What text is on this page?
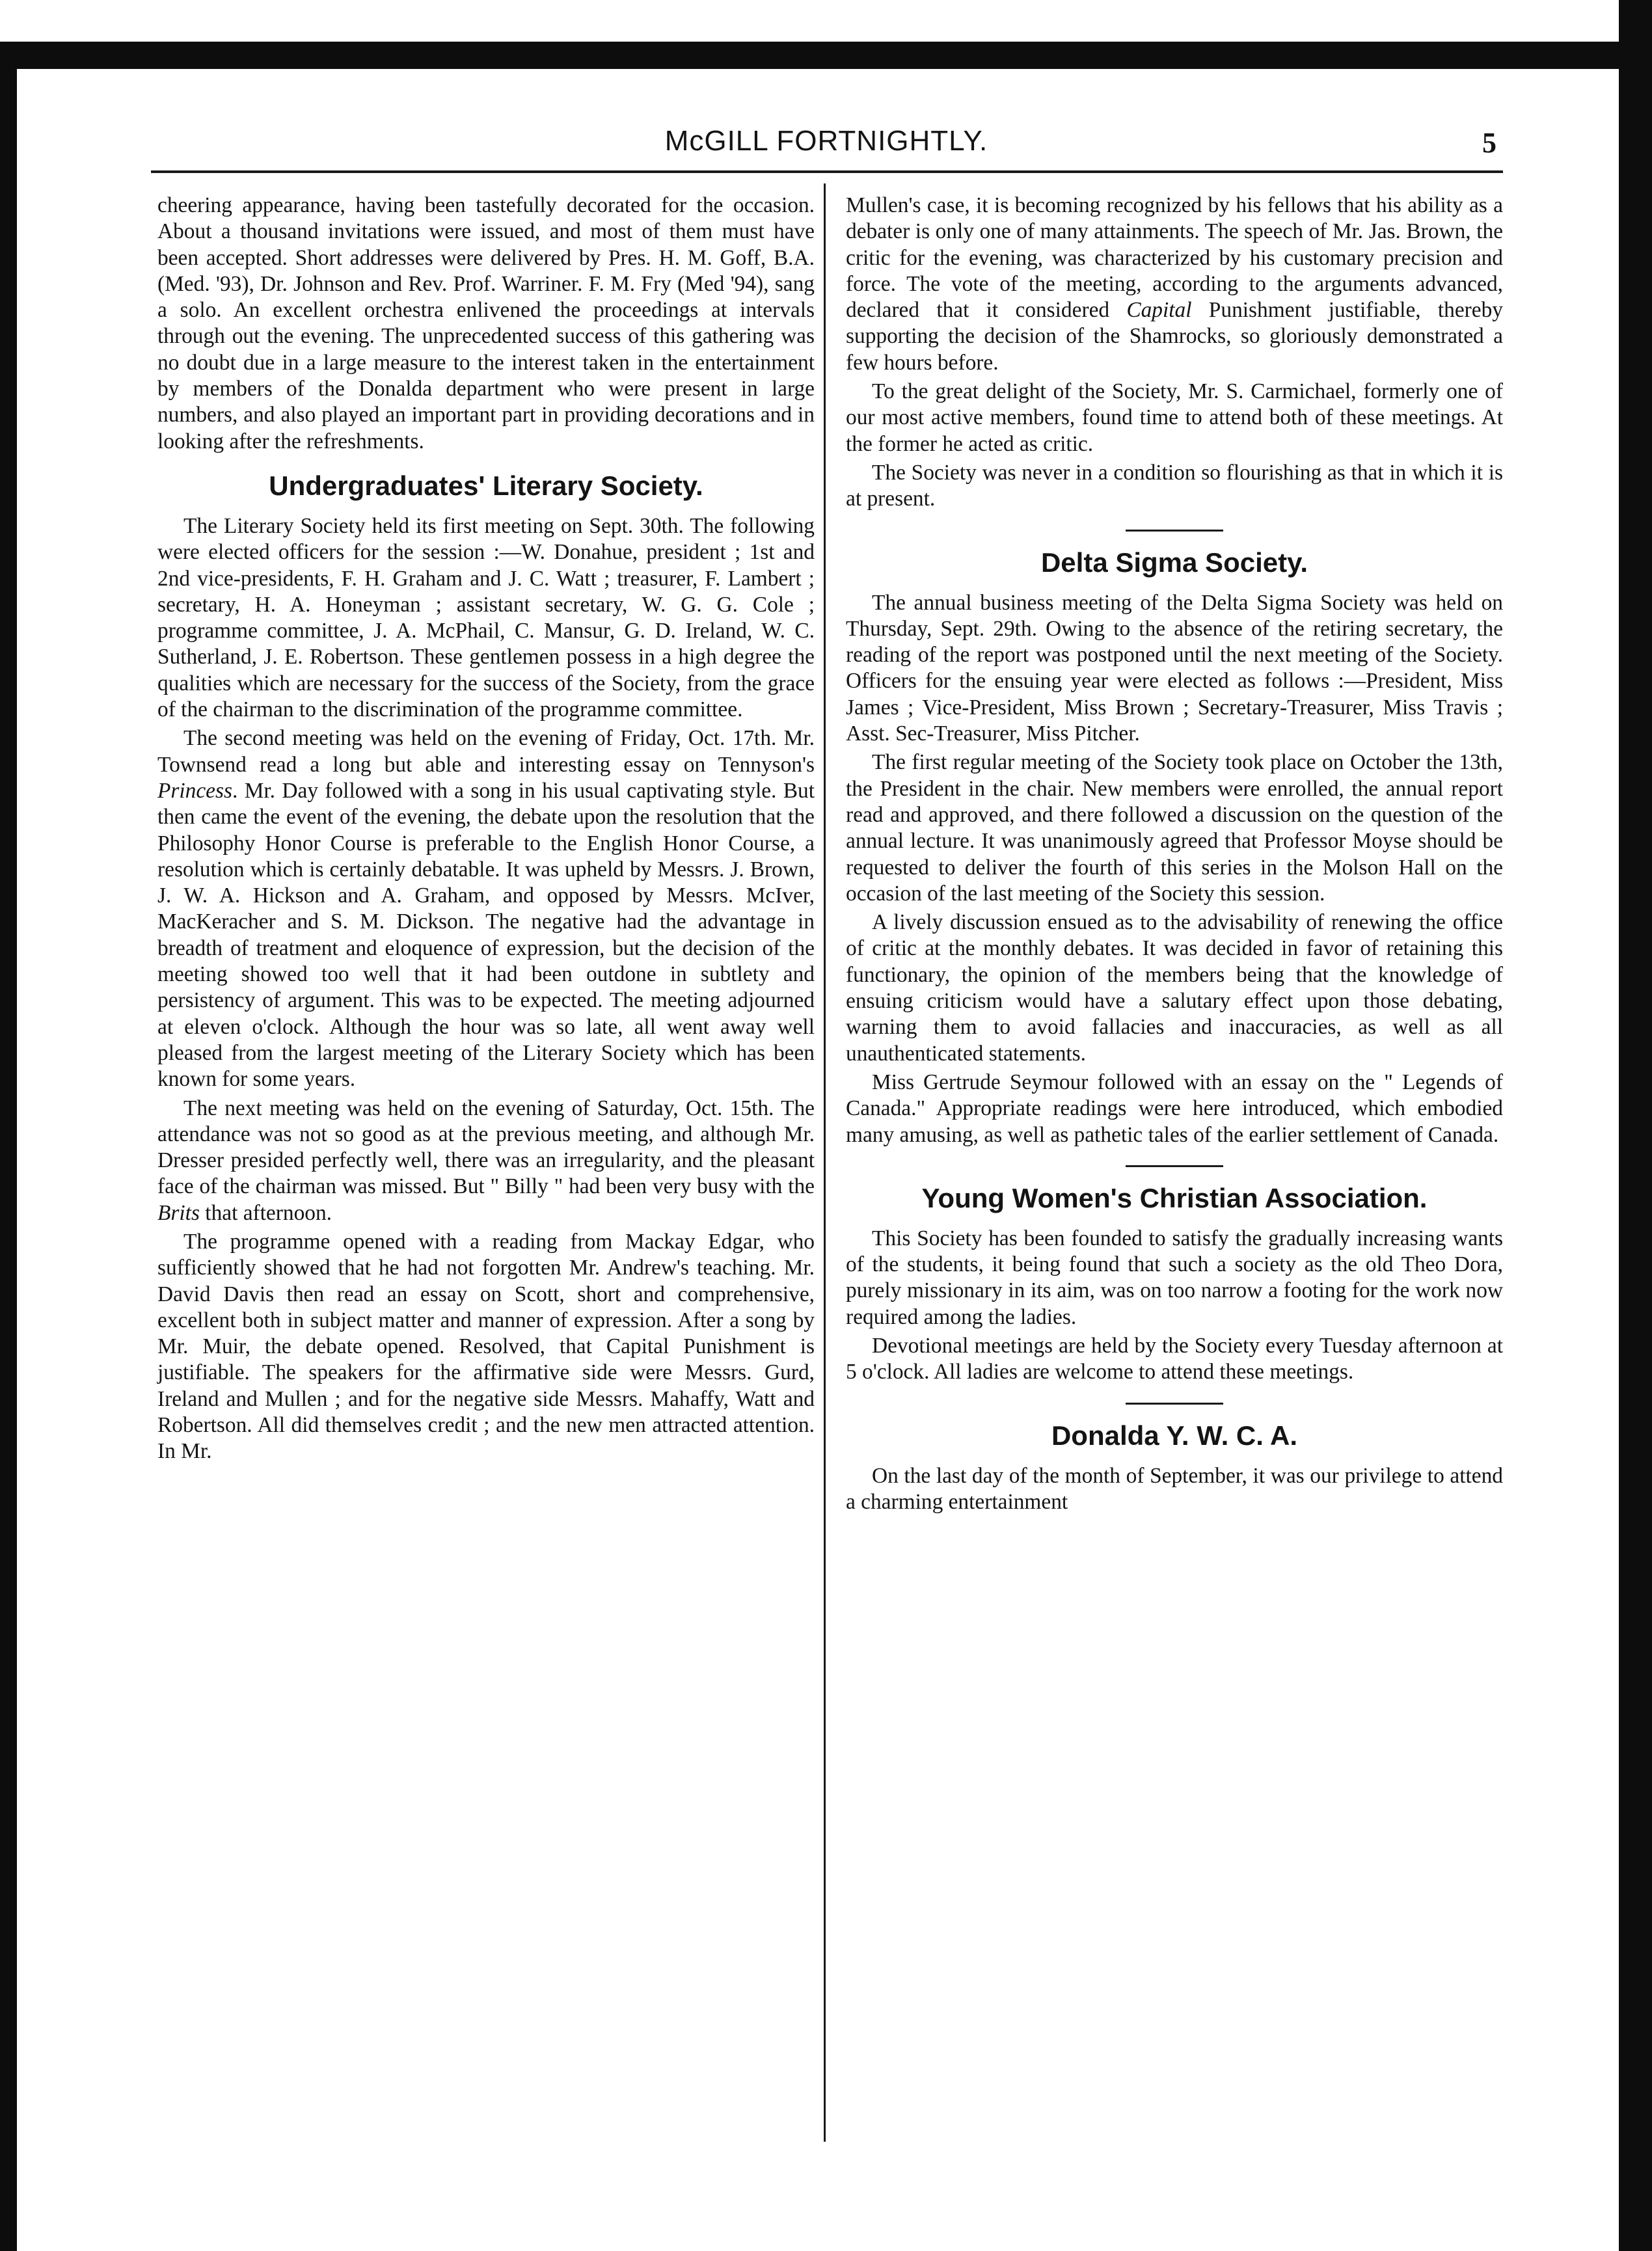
McGILL FORTNIGHTLY.	5

cheering appearance, having been tastefully decorated for the occasion. About a thousand invitations were issued, and most of them must have been accepted. Short addresses were delivered by Pres. H. M. Goff, B.A. (Med. '93), Dr. Johnson and Rev. Prof. Warriner. F. M. Fry (Med '94), sang a solo. An excellent orchestra enlivened the proceedings at intervals through out the evening. The unprecedented success of this gathering was no doubt due in a large measure to the interest taken in the entertainment by members of the Donalda department who were present in large numbers, and also played an important part in providing decorations and in looking after the refreshments.

Undergraduates' Literary Society.

The Literary Society held its first meeting on Sept. 30th. The following were elected officers for the session :—W. Donahue, president ; 1st and 2nd vice-presidents, F. H. Graham and J. C. Watt ; treasurer, F. Lambert ; secretary, H. A. Honeyman ; assistant secretary, W. G. G. Cole ; programme committee, J. A. McPhail, C. Mansur, G. D. Ireland, W. C. Sutherland, J. E. Robertson. These gentlemen possess in a high degree the qualities which are necessary for the success of the Society, from the grace of the chairman to the discrimination of the programme committee.

The second meeting was held on the evening of Friday, Oct. 17th. Mr. Townsend read a long but able and interesting essay on Tennyson's Princess. Mr. Day followed with a song in his usual captivating style. But then came the event of the evening, the debate upon the resolution that the Philosophy Honor Course is preferable to the English Honor Course, a resolution which is certainly debatable. It was upheld by Messrs. J. Brown, J. W. A. Hickson and A. Graham, and opposed by Messrs. McIver, MacKeracher and S. M. Dickson. The negative had the advantage in breadth of treatment and eloquence of expression, but the decision of the meeting showed too well that it had been outdone in subtlety and persistency of argument. This was to be expected. The meeting adjourned at eleven o'clock. Although the hour was so late, all went away well pleased from the largest meeting of the Literary Society which has been known for some years.

The next meeting was held on the evening of Saturday, Oct. 15th. The attendance was not so good as at the previous meeting, and although Mr. Dresser presided perfectly well, there was an irregularity, and the pleasant face of the chairman was missed. But " Billy " had been very busy with the Brits that afternoon.

The programme opened with a reading from Mackay Edgar, who sufficiently showed that he had not forgotten Mr. Andrew's teaching. Mr. David Davis then read an essay on Scott, short and comprehensive, excellent both in subject matter and manner of expression. After a song by Mr. Muir, the debate opened. Resolved, that Capital Punishment is justifiable. The speakers for the affirmative side were Messrs. Gurd, Ireland and Mullen ; and for the negative side Messrs. Mahaffy, Watt and Robertson. All did themselves credit ; and the new men attracted attention. In Mr.

Mullen's case, it is becoming recognized by his fellows that his ability as a debater is only one of many attainments. The speech of Mr. Jas. Brown, the critic for the evening, was characterized by his customary precision and force. The vote of the meeting, according to the arguments advanced, declared that it considered Capital Punishment justifiable, thereby supporting the decision of the Shamrocks, so gloriously demonstrated a few hours before.

To the great delight of the Society, Mr. S. Carmichael, formerly one of our most active members, found time to attend both of these meetings. At the former he acted as critic.

The Society was never in a condition so flourishing as that in which it is at present.

Delta Sigma Society.

The annual business meeting of the Delta Sigma Society was held on Thursday, Sept. 29th. Owing to the absence of the retiring secretary, the reading of the report was postponed until the next meeting of the Society. Officers for the ensuing year were elected as follows :—President, Miss James ; Vice-President, Miss Brown ; Secretary-Treasurer, Miss Travis ; Asst. Sec-Treasurer, Miss Pitcher.

The first regular meeting of the Society took place on October the 13th, the President in the chair. New members were enrolled, the annual report read and approved, and there followed a discussion on the question of the annual lecture. It was unanimously agreed that Professor Moyse should be requested to deliver the fourth of this series in the Molson Hall on the occasion of the last meeting of the Society this session.

A lively discussion ensued as to the advisability of renewing the office of critic at the monthly debates. It was decided in favor of retaining this functionary, the opinion of the members being that the knowledge of ensuing criticism would have a salutary effect upon those debating, warning them to avoid fallacies and inaccuracies, as well as all unauthenticated statements.

Miss Gertrude Seymour followed with an essay on the " Legends of Canada." Appropriate readings were here introduced, which embodied many amusing, as well as pathetic tales of the earlier settlement of Canada.

Young Women's Christian Association.

This Society has been founded to satisfy the gradually increasing wants of the students, it being found that such a society as the old Theo Dora, purely missionary in its aim, was on too narrow a footing for the work now required among the ladies.

Devotional meetings are held by the Society every Tuesday afternoon at 5 o'clock. All ladies are welcome to attend these meetings.

Donalda Y. W. C. A.

On the last day of the month of September, it was our privilege to attend a charming entertainment
